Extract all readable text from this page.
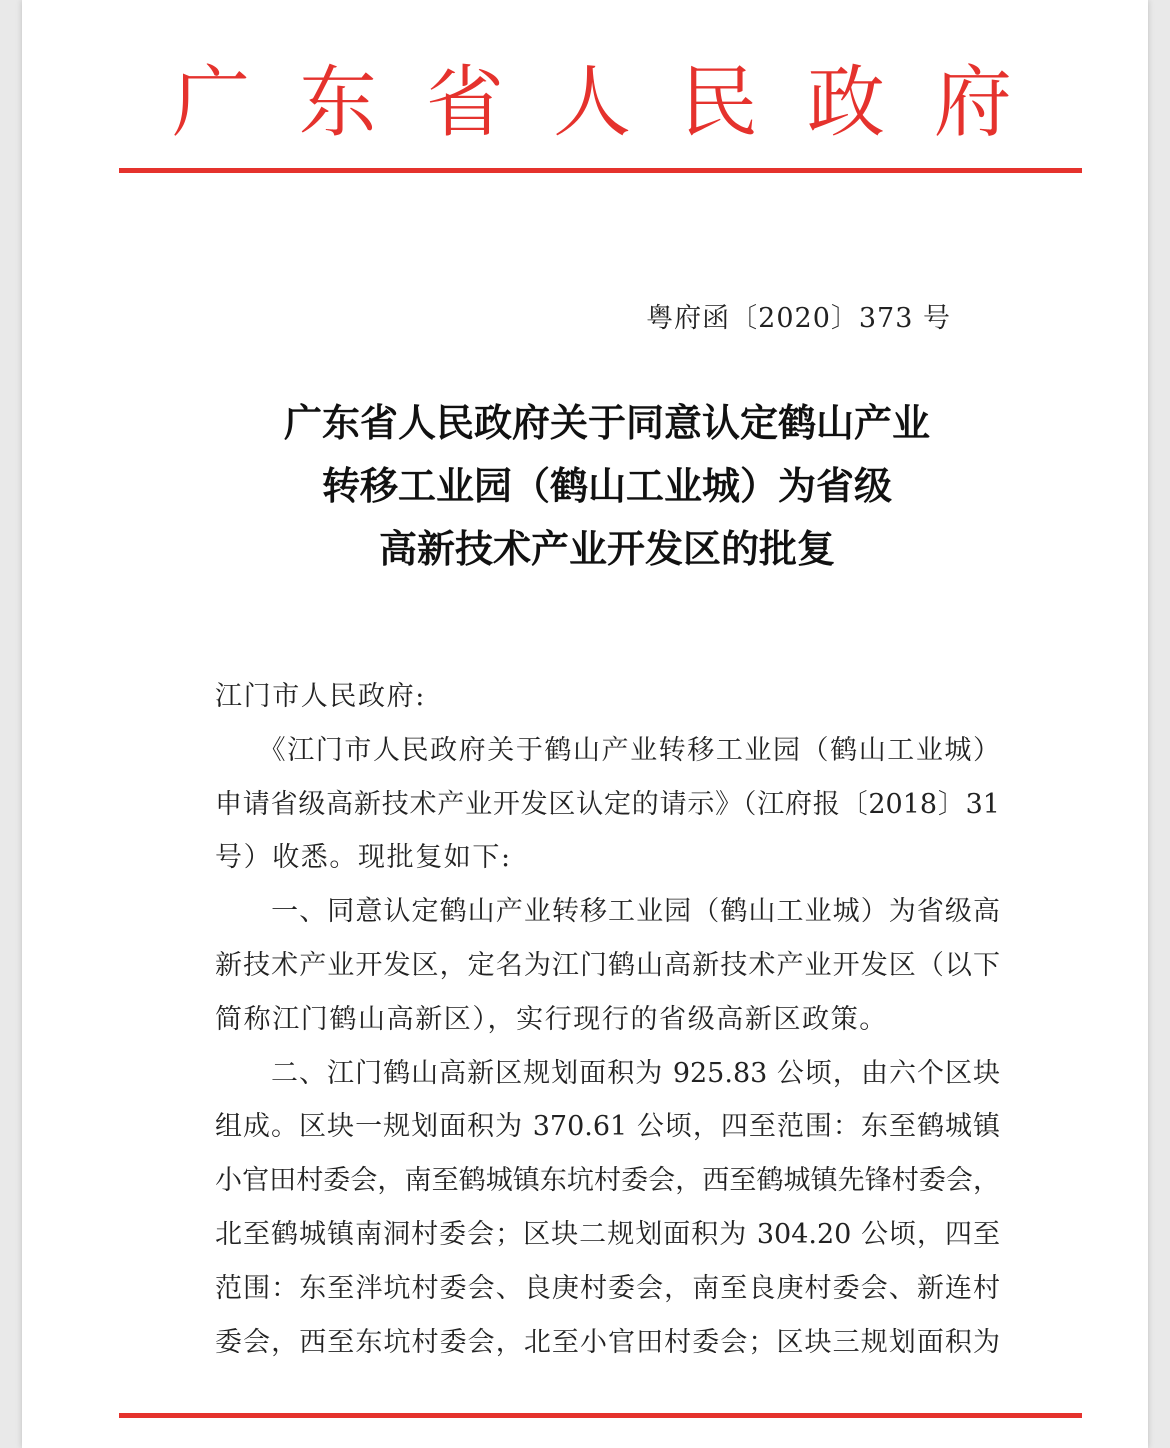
广 东 省 人 民 政 府
粤府函〔2020〕373 号
广东省人民政府关于同意认定鹤山产业
转移工业园（鹤山工业城）为省级
高新技术产业开发区的批复
江门市人民政府:
　　《江门市人民政府关于鹤山产业转移工业园（鹤山工业城）
申请省级高新技术产业开发区认定的请示》（江府报〔2018〕31
号）收悉。现批复如下:
　　一、同意认定鹤山产业转移工业园（鹤山工业城）为省级高
新技术产业开发区，定名为江门鹤山高新技术产业开发区（以下
简称江门鹤山高新区），实行现行的省级高新区政策。
　　二、江门鹤山高新区规划面积为 925.83 公顷，由六个区块
组成。区块一规划面积为 370.61 公顷，四至范围：东至鹤城镇
小官田村委会，南至鹤城镇东坑村委会，西至鹤城镇先锋村委会，
北至鹤城镇南洞村委会；区块二规划面积为 304.20 公顷，四至
范围：东至泮坑村委会、良庚村委会，南至良庚村委会、新连村
委会，西至东坑村委会，北至小官田村委会；区块三规划面积为
